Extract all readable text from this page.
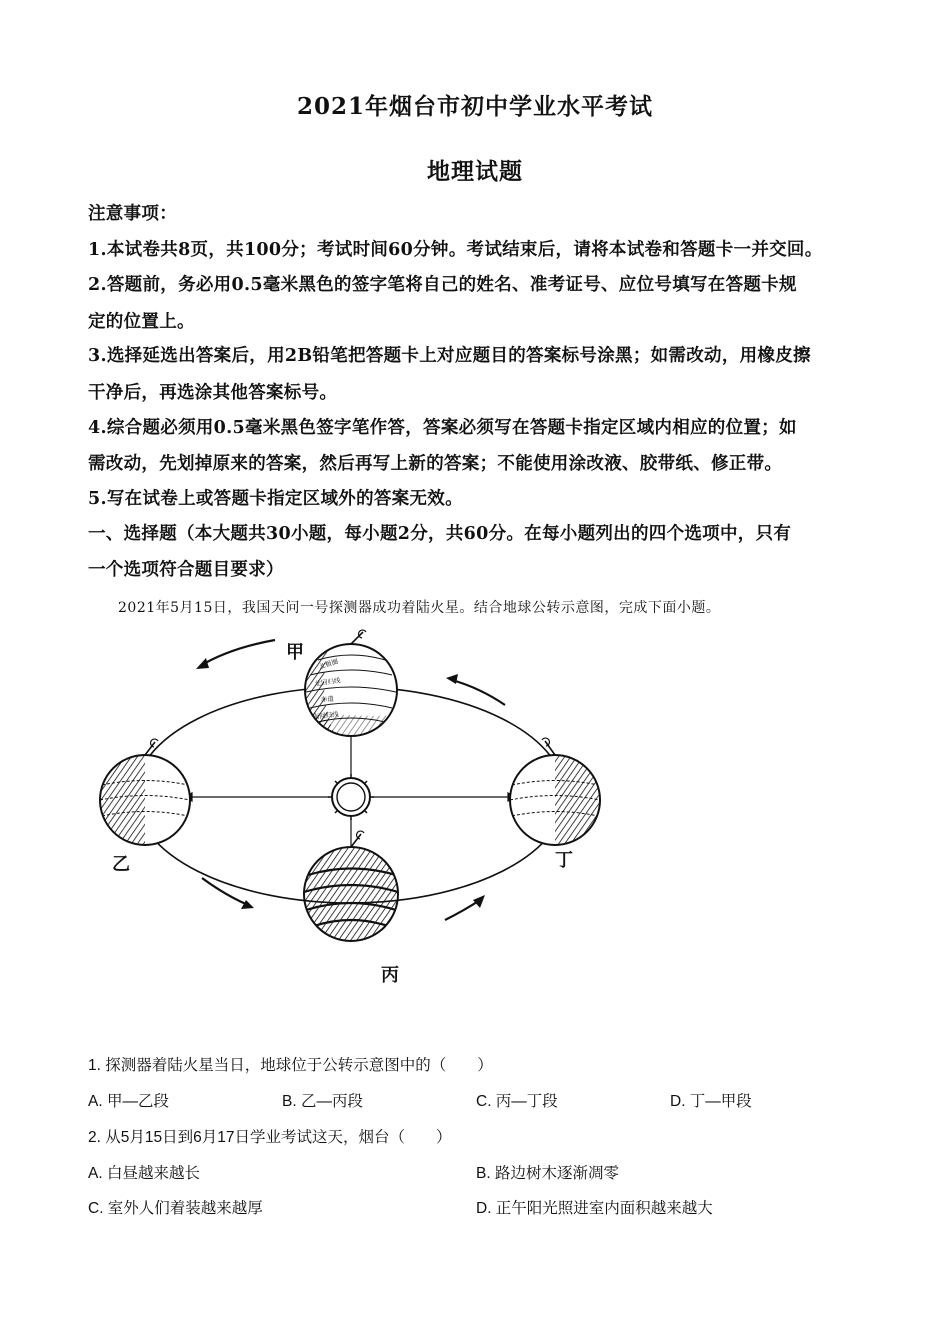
2021年烟台市初中学业水平考试
地理试题
注意事项：
1.本试卷共8页，共100分；考试时间60分钟。考试结束后，请将本试卷和答题卡一并交回。
2.答题前，务必用0.5毫米黑色的签字笔将自己的姓名、准考证号、应位号填写在答题卡规
定的位置上。
3.选择延选出答案后，用2B铅笔把答题卡上对应题目的答案标号涂黑；如需改动，用橡皮擦
干净后，再选涂其他答案标号。
4.综合题必须用0.5毫米黑色签字笔作答，答案必须写在答题卡指定区域内相应的位置；如
需改动，先划掉原来的答案，然后再写上新的答案；不能使用涂改液、胶带纸、修正带。
5.写在试卷上或答题卡指定区域外的答案无效。
一、选择题（本大题共30小题，每小题2分，共60分。在每小题列出的四个选项中，只有
一个选项符合题目要求）
2021年5月15日，我国天问一号探测器成功着陆火星。结合地球公转示意图，完成下面小题。
北极圈
北回归线
赤道
南回归线
甲
乙
丙
丁
1. 探测器着陆火星当日，地球位于公转示意图中的（　　）
A. 甲—乙段	B. 乙—丙段	C. 丙—丁段	D. 丁—甲段
2. 从5月15日到6月17日学业考试这天，烟台（　　）
A. 白昼越来越长	B. 路边树木逐渐凋零
C. 室外人们着装越来越厚	D. 正午阳光照进室内面积越来越大
